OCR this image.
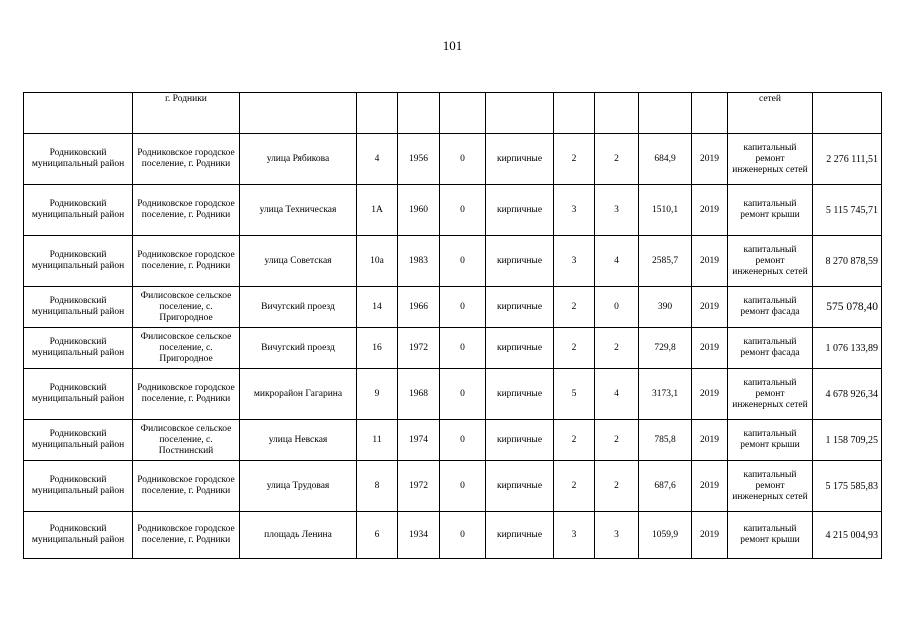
101
	г. Родники										сетей	
Родниковский муниципальный район	Родниковское городское поселение, г. Родники	улица Рябикова	4	1956	0	кирпичные	2	2	684,9	2019	капитальный ремонт инженерных сетей	2 276 111,51
Родниковский муниципальный район	Родниковское городское поселение, г. Родники	улица Техническая	1А	1960	0	кирпичные	3	3	1510,1	2019	капитальный ремонт крыши	5 115 745,71
Родниковский муниципальный район	Родниковское городское поселение, г. Родники	улица Советская	10а	1983	0	кирпичные	3	4	2585,7	2019	капитальный ремонт инженерных сетей	8 270 878,59
Родниковский муниципальный район	Филисовское сельское поселение, с. Пригородное	Вичугский проезд	14	1966	0	кирпичные	2	0	390	2019	капитальный ремонт фасада	575 078,40
Родниковский муниципальный район	Филисовское сельское поселение, с. Пригородное	Вичугский проезд	16	1972	0	кирпичные	2	2	729,8	2019	капитальный ремонт фасада	1 076 133,89
Родниковский муниципальный район	Родниковское городское поселение, г. Родники	микрорайон Гагарина	9	1968	0	кирпичные	5	4	3173,1	2019	капитальный ремонт инженерных сетей	4 678 926,34
Родниковский муниципальный район	Филисовское сельское поселение, с. Постнинский	улица Невская	11	1974	0	кирпичные	2	2	785,8	2019	капитальный ремонт крыши	1 158 709,25
Родниковский муниципальный район	Родниковское городское поселение, г. Родники	улица Трудовая	8	1972	0	кирпичные	2	2	687,6	2019	капитальный ремонт инженерных сетей	5 175 585,83
Родниковский муниципальный район	Родниковское городское поселение, г. Родники	площадь Ленина	6	1934	0	кирпичные	3	3	1059,9	2019	капитальный ремонт крыши	4 215 004,93
